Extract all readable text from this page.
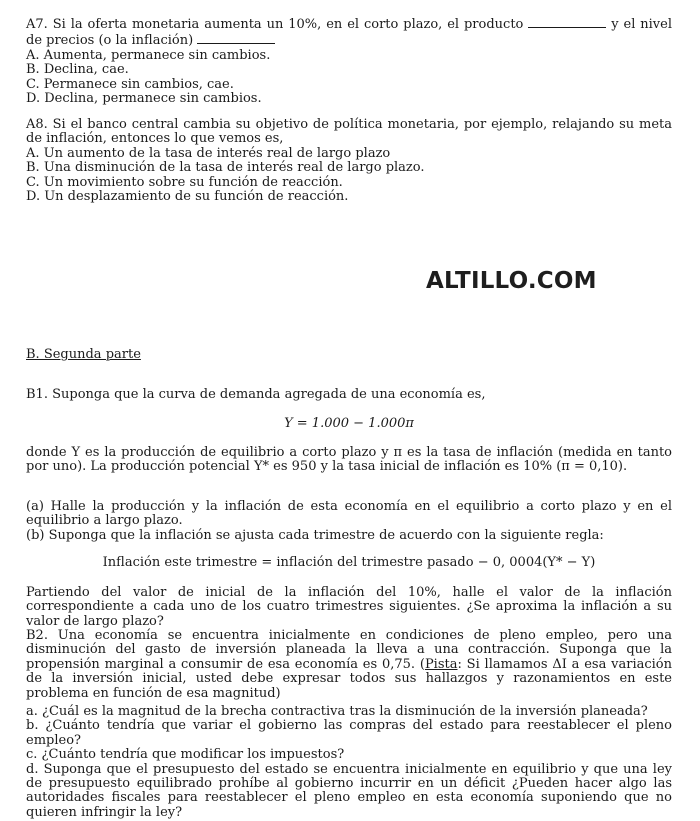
A7. Si la oferta monetaria aumenta un 10%, en el corto plazo, el producto	y el nivel de precios (o la inflación)

A. Aumenta, permanece sin cambios.

B. Declina, cae.

C. Permanece sin cambios, cae.

D. Declina, permanece sin cambios.

A8. Si el banco central cambia su objetivo de política monetaria, por ejemplo, relajando su meta de inflación, entonces lo que vemos es,

A. Un aumento de la tasa de interés real de largo plazo

B. Una disminución de la tasa de interés real de largo plazo.

C. Un movimiento sobre su función de reacción.

D. Un desplazamiento de su función de reacción.

ALTILLO.COM

B. Segunda parte

B1. Suponga que la curva de demanda agregada de una economía es,

Y = 1.000 − 1.000π

donde Y es la producción de equilibrio a corto plazo y π es la tasa de inflación (medida en tanto por uno). La producción potencial Y* es 950 y la tasa inicial de inflación es 10% (π = 0,10).

(a) Halle la producción y la inflación de esta economía en el equilibrio a corto plazo y en el equilibrio a largo plazo.

(b) Suponga que la inflación se ajusta cada trimestre de acuerdo con la siguiente regla:

Inflación este trimestre = inflación del trimestre pasado − 0, 0004(Y* − Y)

Partiendo del valor de inicial de la inflación del 10%, halle el valor de la inflación correspondiente a cada uno de los cuatro trimestres siguientes. ¿Se aproxima la inflación a su valor de largo plazo?

B2. Una economía se encuentra inicialmente en condiciones de pleno empleo, pero una disminución del gasto de inversión planeada la lleva a una contracción. Suponga que la propensión marginal a consumir de esa economía es 0,75. (Pista: Si llamamos ΔI a esa variación de la inversión inicial, usted debe expresar todos sus hallazgos y razonamientos en este problema en función de esa magnitud)

a. ¿Cuál es la magnitud de la brecha contractiva tras la disminución de la inversión planeada?

b. ¿Cuánto tendría que variar el gobierno las compras del estado para reestablecer el pleno empleo?

c. ¿Cuánto tendría que modificar los impuestos?

d. Suponga que el presupuesto del estado se encuentra inicialmente en equilibrio y que una ley de presupuesto equilibrado prohíbe al gobierno incurrir en un déficit ¿Pueden hacer algo las autoridades fiscales para reestablecer el pleno empleo en esta economía suponiendo que no quieren infringir la ley?
